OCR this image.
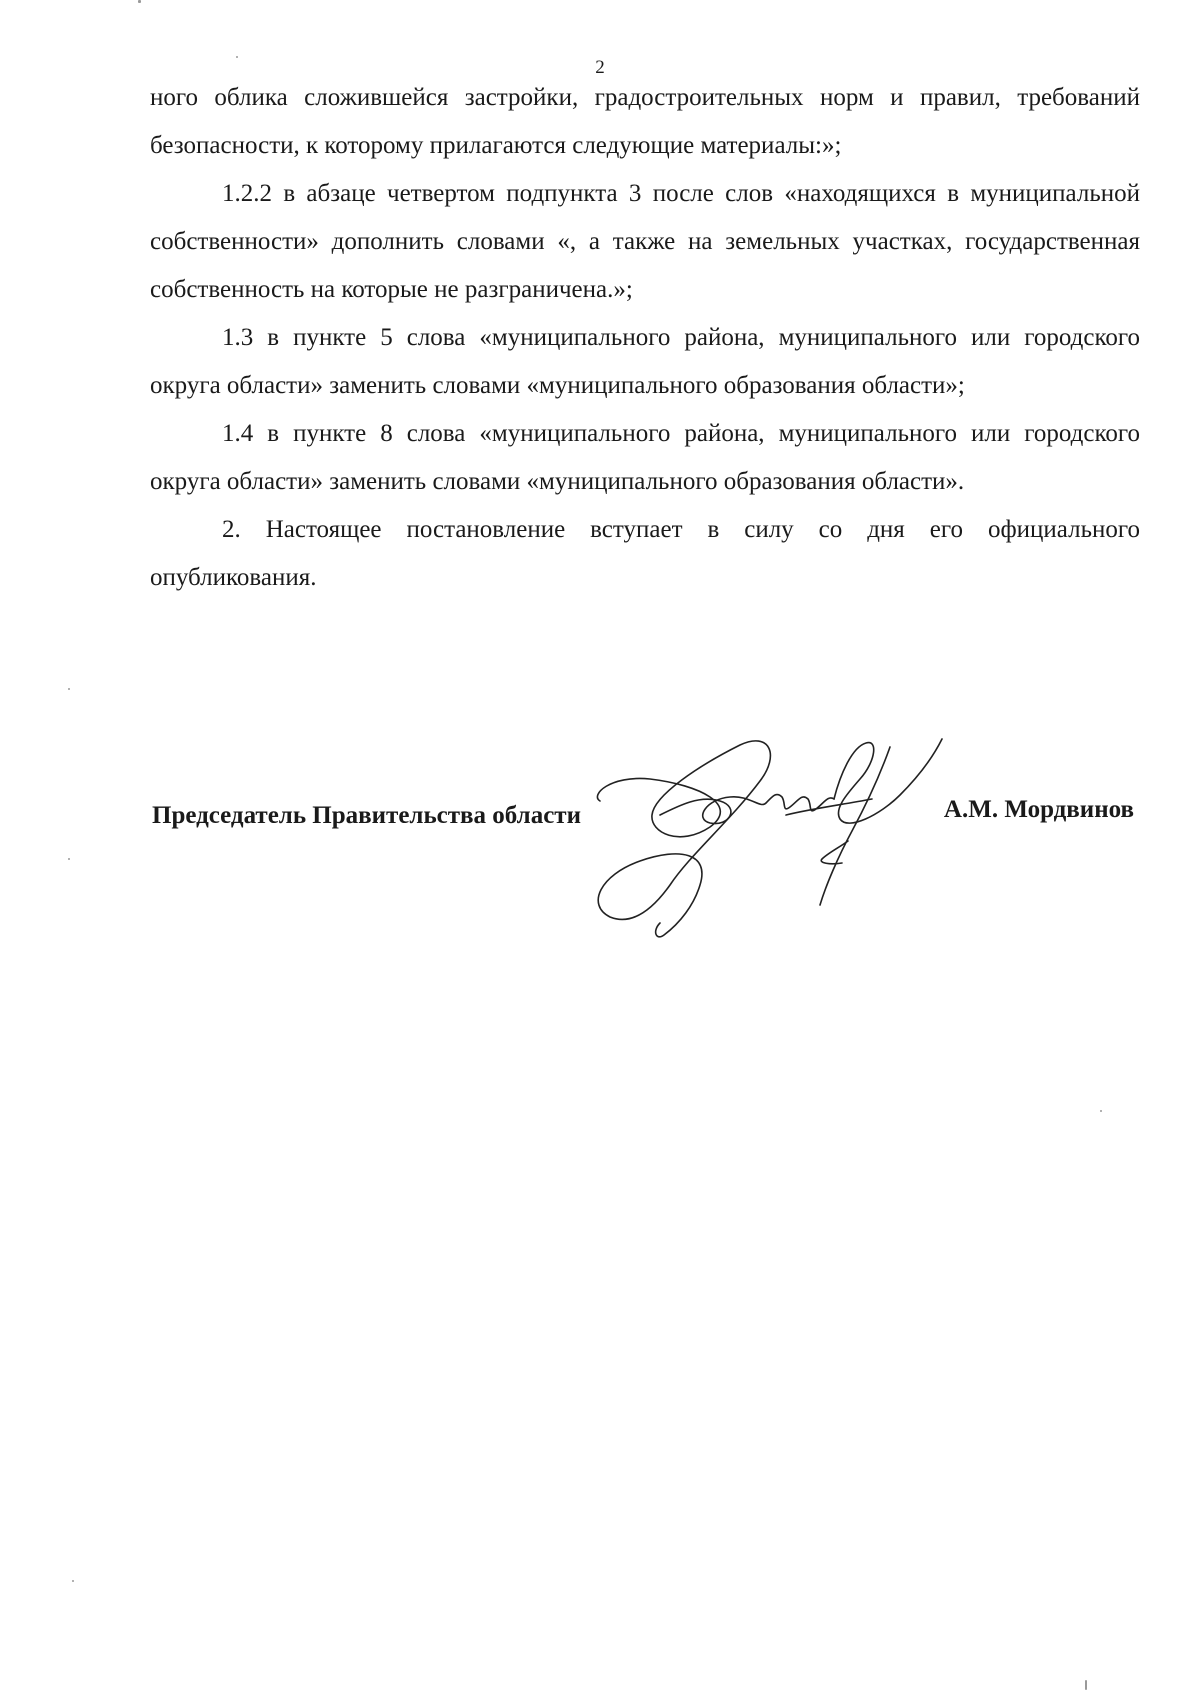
2

ного облика сложившейся застройки, градостроительных норм и правил, требований безопасности, к которому прилагаются следующие материалы:»;

1.2.2 в абзаце четвертом подпункта 3 после слов «находящихся в муниципальной собственности» дополнить словами «, а также на земельных участках, государственная собственность на которые не разграничена.»;

1.3 в пункте 5 слова «муниципального района, муниципального или городского округа области» заменить словами «муниципального образования области»;

1.4 в пункте 8 слова «муниципального района, муниципального или городского округа области» заменить словами «муниципального образования области».

2. Настоящее постановление вступает в силу со дня его официального опубликования.

Председатель Правительства области	А.М. Мордвинов
